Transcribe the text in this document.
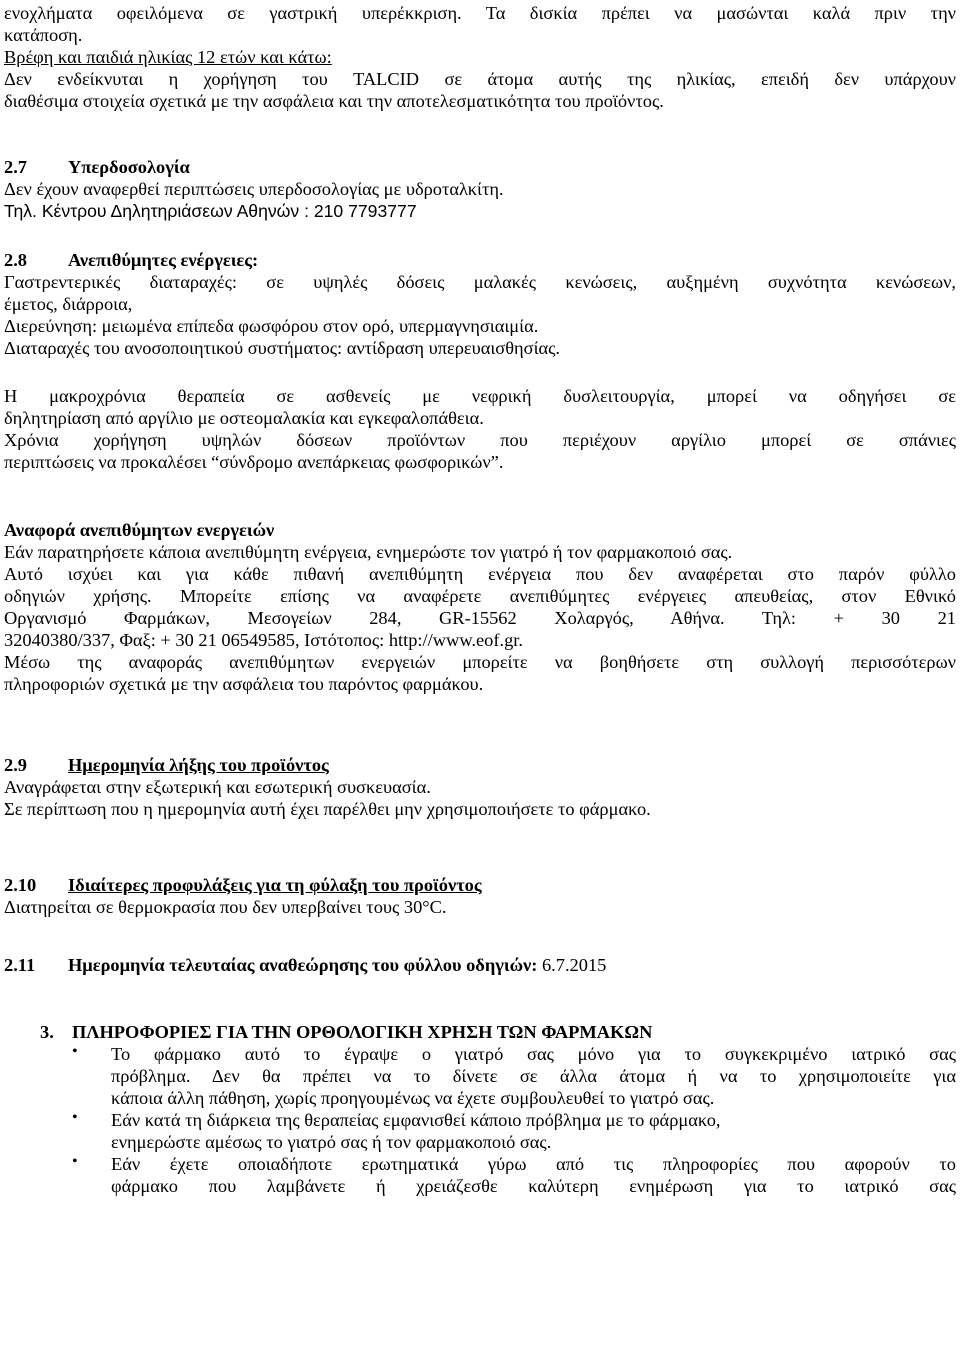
ενοχλήματα οφειλόμενα σε γαστρική υπερέκκριση. Τα δισκία πρέπει να μασώνται καλά πριν την
κατάποση.
Βρέφη και παιδιά ηλικίας 12 ετών και κάτω:
Δεν ενδείκνυται η χορήγηση του TALCID σε άτομα αυτής της ηλικίας, επειδή δεν υπάρχουν
διαθέσιμα στοιχεία σχετικά με την ασφάλεια και την αποτελεσματικότητα του προϊόντος.
2.7 Υπερδοσολογία
Δεν έχουν αναφερθεί περιπτώσεις υπερδοσολογίας με υδροταλκίτη.
Τηλ. Κέντρου Δηλητηριάσεων Αθηνών : 210 7793777
2.8 Ανεπιθύμητες ενέργειες:
Γαστρεντερικές διαταραχές: σε υψηλές δόσεις μαλακές κενώσεις, αυξημένη συχνότητα κενώσεων,
έμετος, διάρροια,
Διερεύνηση: μειωμένα επίπεδα φωσφόρου στον ορό, υπερμαγνησιαιμία.
Διαταραχές του ανοσοποιητικού συστήματος: αντίδραση υπερευαισθησίας.
Η μακροχρόνια θεραπεία σε ασθενείς με νεφρική δυσλειτουργία, μπορεί να οδηγήσει σε
δηλητηρίαση από αργίλιο με οστεομαλακία και εγκεφαλοπάθεια.
Χρόνια χορήγηση υψηλών δόσεων προϊόντων που περιέχουν αργίλιο μπορεί σε σπάνιες
περιπτώσεις να προκαλέσει “σύνδρομο ανεπάρκειας φωσφορικών”.
Αναφορά ανεπιθύμητων ενεργειών
Εάν παρατηρήσετε κάποια ανεπιθύμητη ενέργεια, ενημερώστε τον γιατρό ή τον φαρμακοποιό σας.
Αυτό ισχύει και για κάθε πιθανή ανεπιθύμητη ενέργεια που δεν αναφέρεται στο παρόν φύλλο
οδηγιών χρήσης. Μπορείτε επίσης να αναφέρετε ανεπιθύμητες ενέργειες απευθείας, στον Εθνικό
Οργανισμό Φαρμάκων, Μεσογείων 284, GR-15562 Χολαργός, Αθήνα. Τηλ: + 30 21
32040380/337, Φαξ: + 30 21 06549585, Ιστότοπος: http://www.eof.gr.
Μέσω της αναφοράς ανεπιθύμητων ενεργειών μπορείτε να βοηθήσετε στη συλλογή περισσότερων
πληροφοριών σχετικά με την ασφάλεια του παρόντος φαρμάκου.
2.9 Ημερομηνία λήξης του προϊόντος
Αναγράφεται στην εξωτερική και εσωτερική συσκευασία.
Σε περίπτωση που η ημερομηνία αυτή έχει παρέλθει μην χρησιμοποιήσετε το φάρμακο.
2.10 Ιδιαίτερες προφυλάξεις για τη φύλαξη του προϊόντος
Διατηρείται σε θερμοκρασία που δεν υπερβαίνει τους 30°C.
2.11 Ημερομηνία τελευταίας αναθεώρησης του φύλλου οδηγιών: 6.7.2015
3. ΠΛΗΡΟΦΟΡΙΕΣ ΓΙΑ ΤΗΝ ΟΡΘΟΛΟΓΙΚΗ ΧΡΗΣΗ ΤΩΝ ΦΑΡΜΑΚΩΝ
• Το φάρμακο αυτό το έγραψε ο γιατρό σας μόνο για το συγκεκριμένο ιατρικό σας
πρόβλημα. Δεν θα πρέπει να το δίνετε σε άλλα άτομα ή να το χρησιμοποιείτε για
κάποια άλλη πάθηση, χωρίς προηγουμένως να έχετε συμβουλευθεί το γιατρό σας.
• Εάν κατά τη διάρκεια της θεραπείας εμφανισθεί κάποιο πρόβλημα με το φάρμακο,
ενημερώστε αμέσως το γιατρό σας ή τον φαρμακοποιό σας.
• Εάν έχετε οποιαδήποτε ερωτηματικά γύρω από τις πληροφορίες που αφορούν το
φάρμακο που λαμβάνετε ή χρειάζεσθε καλύτερη ενημέρωση για το ιατρικό σας
